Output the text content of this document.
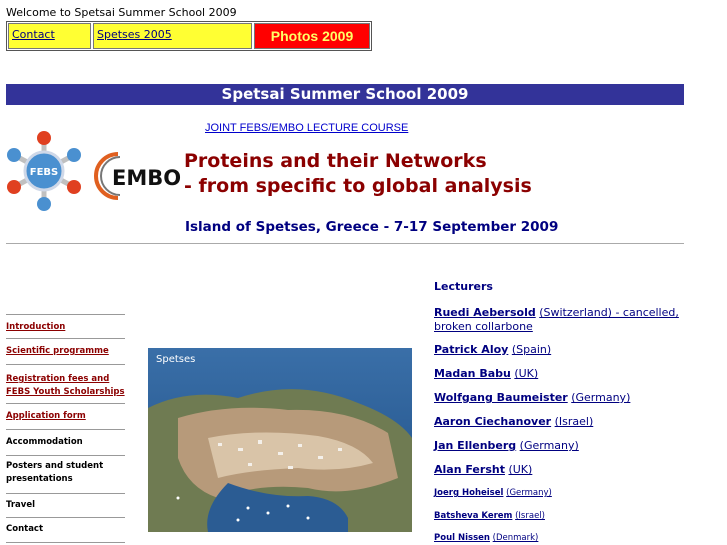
Welcome to Spetsai Summer School 2009
Contact	Spetses 2005	Photos 2009
Spetsai Summer School 2009
JOINT FEBS/EMBO LECTURE COURSE
FEBS	EMBO
Proteins and their Networks
- from specific to global analysis
Island of Spetses, Greece - 7-17 September 2009
Introduction
Scientific programme
Registration fees and FEBS Youth Scholarships
Application form
Accommodation
Posters and student presentations
Travel
Contact
Spetses
Lecturers
Ruedi Aebersold (Switzerland) - cancelled, broken collarbone
Patrick Aloy (Spain)
Madan Babu (UK)
Wolfgang Baumeister (Germany)
Aaron Ciechanover (Israel)
Jan Ellenberg (Germany)
Alan Fersht (UK)
Joerg Hoheisel (Germany)
Batsheva Kerem (Israel)
Poul Nissen (Denmark)
